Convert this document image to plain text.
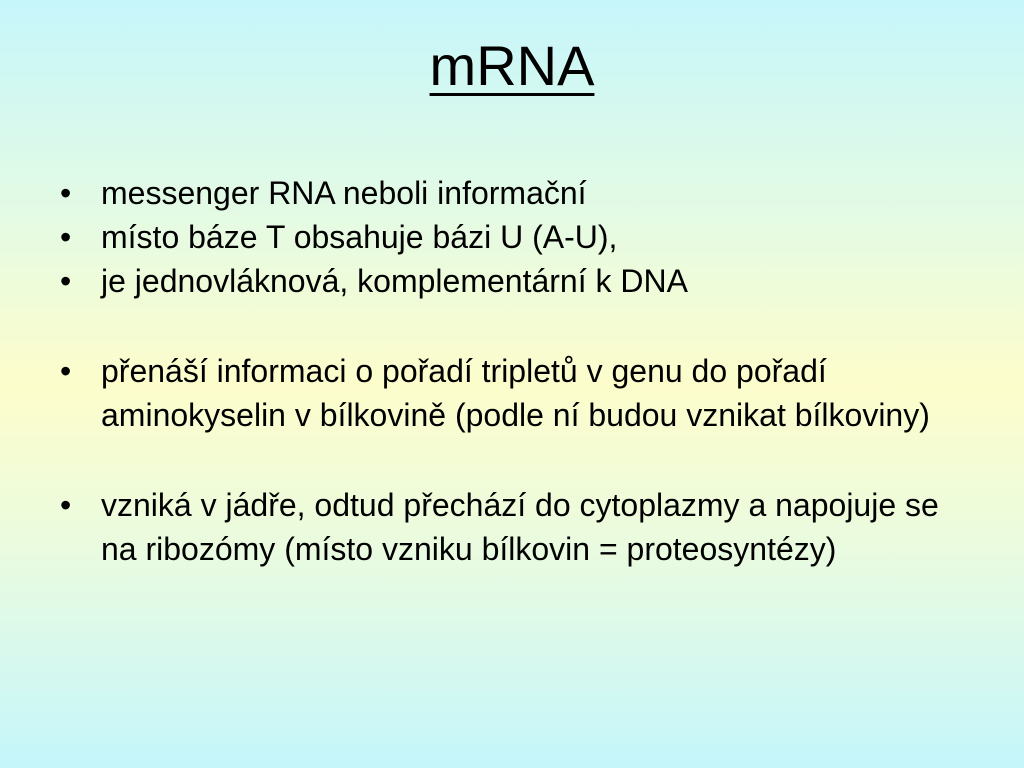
mRNA
• messenger RNA neboli informační
• místo báze T obsahuje bázi U (A-U),
• je jednovláknová, komplementární k DNA
• přenáší informaci o pořadí tripletů v genu do pořadí aminokyselin v bílkovině (podle ní budou vznikat bílkoviny)
• vzniká v jádře, odtud přechází do cytoplazmy a napojuje se na ribozómy (místo vzniku bílkovin = proteosyntézy)
